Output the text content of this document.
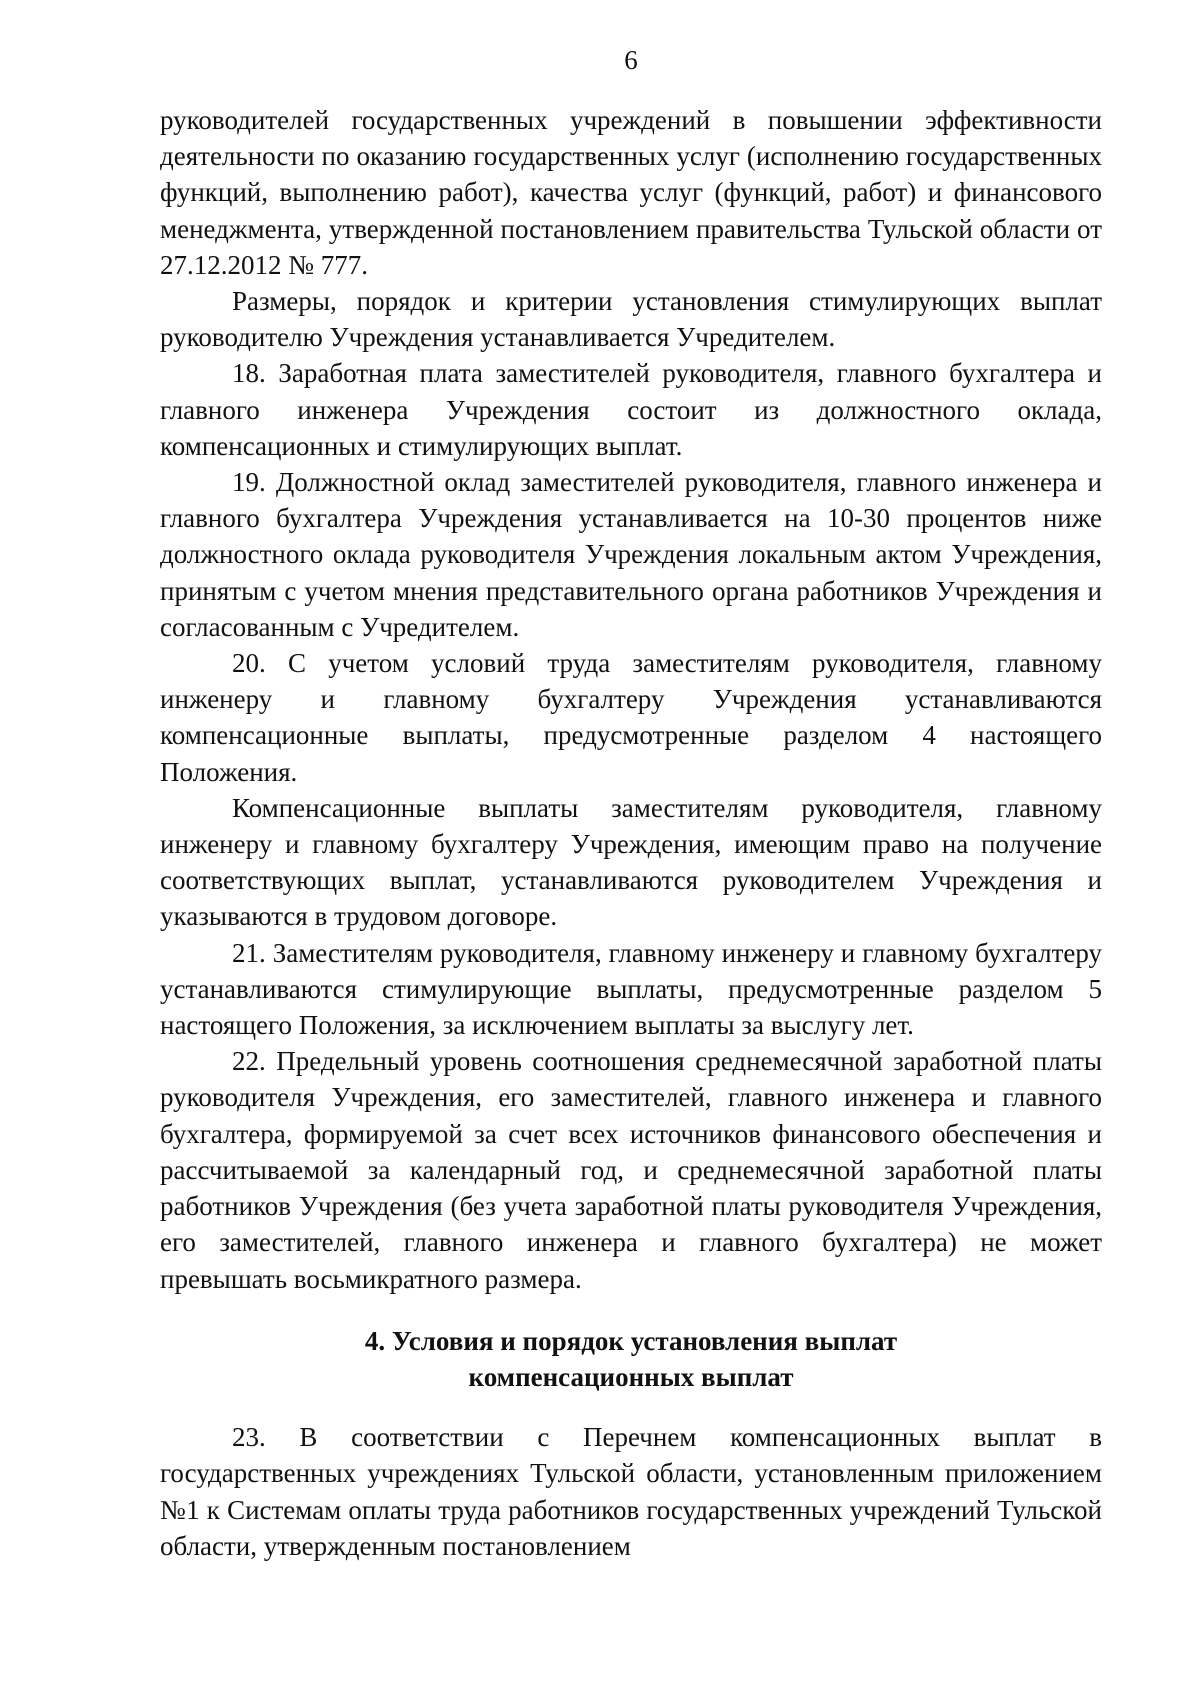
6

руководителей государственных учреждений в повышении эффективности деятельности по оказанию государственных услуг (исполнению государственных функций, выполнению работ), качества услуг (функций, работ) и финансового менеджмента, утвержденной постановлением правительства Тульской области от 27.12.2012 № 777.

Размеры, порядок и критерии установления стимулирующих выплат руководителю Учреждения устанавливается Учредителем.

18. Заработная плата заместителей руководителя, главного бухгалтера и главного инженера Учреждения состоит из должностного оклада, компенсационных и стимулирующих выплат.

19. Должностной оклад заместителей руководителя, главного инженера и главного бухгалтера Учреждения устанавливается на 10-30 процентов ниже должностного оклада руководителя Учреждения локальным актом Учреждения, принятым с учетом мнения представительного органа работников Учреждения и согласованным с Учредителем.

20. С учетом условий труда заместителям руководителя, главному инженеру и главному бухгалтеру Учреждения устанавливаются компенсационные выплаты, предусмотренные разделом 4 настоящего Положения.

Компенсационные выплаты заместителям руководителя, главному инженеру и главному бухгалтеру Учреждения, имеющим право на получение соответствующих выплат, устанавливаются руководителем Учреждения и указываются в трудовом договоре.

21. Заместителям руководителя, главному инженеру и главному бухгалтеру устанавливаются стимулирующие выплаты, предусмотренные разделом 5 настоящего Положения, за исключением выплаты за выслугу лет.

22. Предельный уровень соотношения среднемесячной заработной платы руководителя Учреждения, его заместителей, главного инженера и главного бухгалтера, формируемой за счет всех источников финансового обеспечения и рассчитываемой за календарный год, и среднемесячной заработной платы работников Учреждения (без учета заработной платы руководителя Учреждения, его заместителей, главного инженера и главного бухгалтера) не может превышать восьмикратного размера.

4. Условия и порядок установления выплат
компенсационных выплат

23. В соответствии с Перечнем компенсационных выплат в государственных учреждениях Тульской области, установленным приложением №1 к Системам оплаты труда работников государственных учреждений Тульской области, утвержденным постановлением
